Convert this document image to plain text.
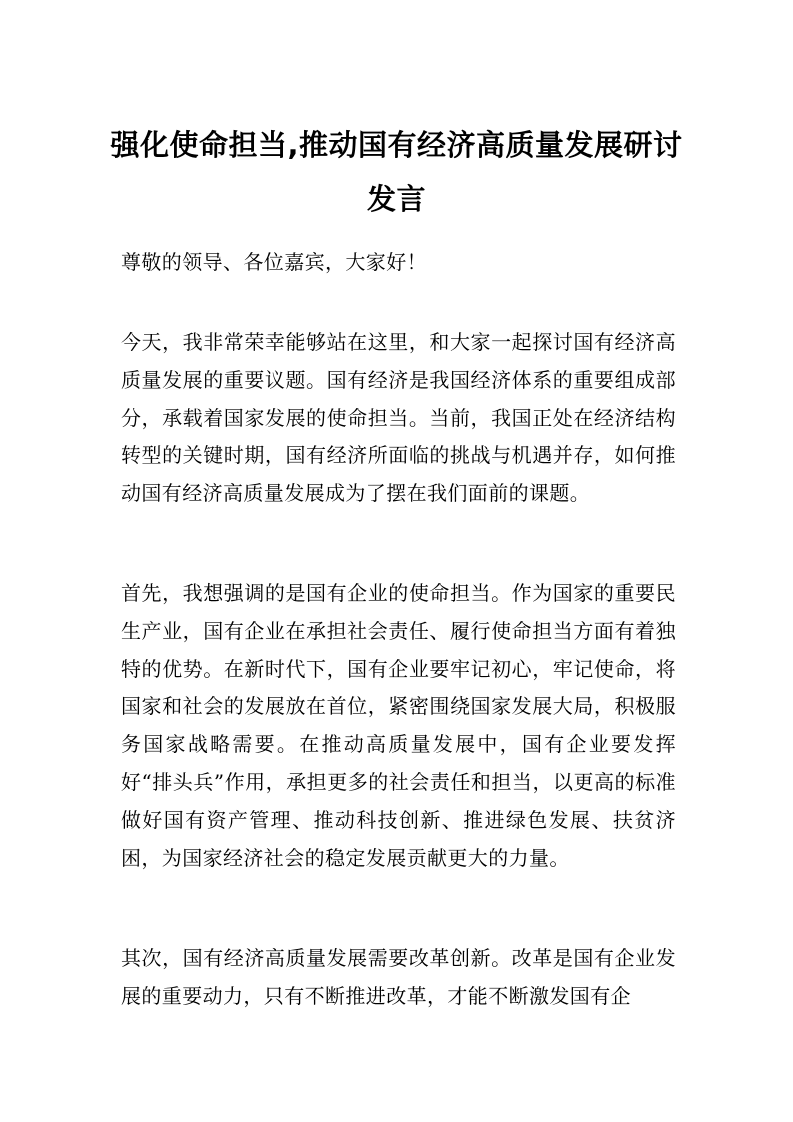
强化使命担当,推动国有经济高质量发展研讨发言

尊敬的领导、各位嘉宾，大家好！

今天，我非常荣幸能够站在这里，和大家一起探讨国有经济高质量发展的重要议题。国有经济是我国经济体系的重要组成部分，承载着国家发展的使命担当。当前，我国正处在经济结构转型的关键时期，国有经济所面临的挑战与机遇并存，如何推动国有经济高质量发展成为了摆在我们面前的课题。

首先，我想强调的是国有企业的使命担当。作为国家的重要民生产业，国有企业在承担社会责任、履行使命担当方面有着独特的优势。在新时代下，国有企业要牢记初心，牢记使命，将国家和社会的发展放在首位，紧密围绕国家发展大局，积极服务国家战略需要。在推动高质量发展中，国有企业要发挥好“排头兵”作用，承担更多的社会责任和担当，以更高的标准做好国有资产管理、推动科技创新、推进绿色发展、扶贫济困，为国家经济社会的稳定发展贡献更大的力量。

其次，国有经济高质量发展需要改革创新。改革是国有企业发展的重要动力，只有不断推进改革，才能不断激发国有企
